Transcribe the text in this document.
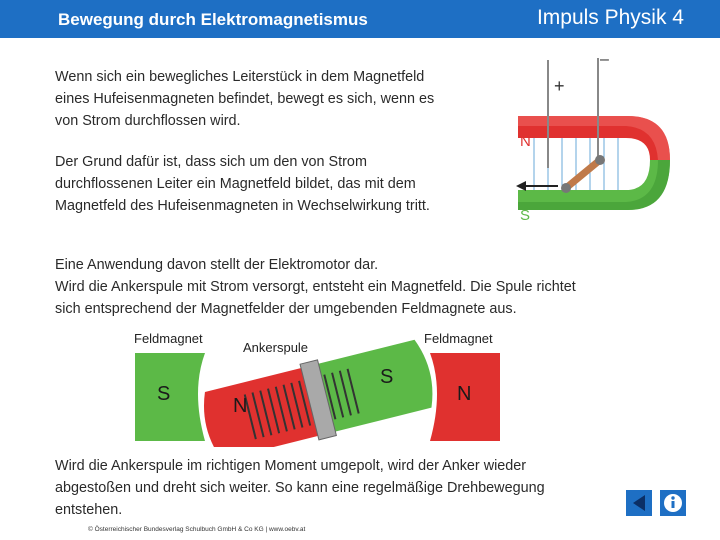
Bewegung durch Elektromagnetismus	Impuls Physik 4
Wenn sich ein bewegliches Leiterstück in dem Magnetfeld
eines Hufeisenmagneten befindet, bewegt es sich, wenn es
von Strom durchflossen wird.
Der Grund dafür ist, dass sich um den von Strom
durchflossenen Leiter ein Magnetfeld bildet, das mit dem
Magnetfeld des Hufeisenmagneten in Wechselwirkung tritt.
Eine Anwendung davon stellt der Elektromotor dar.
Wird die Ankerspule mit Strom versorgt, entsteht ein Magnetfeld. Die Spule richtet
sich entsprechend der Magnetfelder der umgebenden Feldmagnete aus.
Wird die Ankerspule im richtigen Moment umgepolt, wird der Anker wieder
abgestoßen und dreht sich weiter. So kann eine regelmäßige Drehbewegung
entstehen.
+
–
N
S
Feldmagnet
Ankerspule
Feldmagnet
S	N
N
S
© Österreichischer Bundesverlag Schulbuch GmbH & Co KG | www.oebv.at
